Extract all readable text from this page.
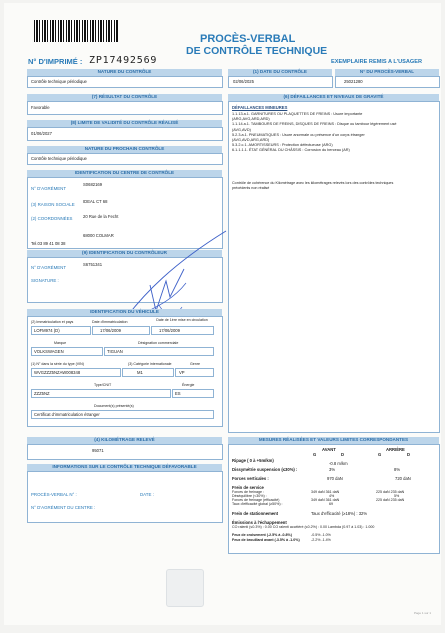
PROCÈS-VERBAL
DE CONTRÔLE TECHNIQUE
N° D'IMPRIMÉ : ZP17492569	EXEMPLAIRE REMIS A L'USAGER
NATURE DU CONTRÔLE
Contrôle technique périodique
(7) RÉSULTAT DU CONTRÔLE
Favorable
(8) LIMITE DE VALIDITÉ DU CONTRÔLE RÉALISÉ
01/06/2027
NATURE DU PROCHAIN CONTRÔLE
Contrôle technique périodique
IDENTIFICATION DU CENTRE DE CONTRÔLE
N° D'AGRÉMENT
S0682169
(3) RAISON SOCIALE
IDEAL CT 68
(2) COORDONNÉES	20 Rue de la Fecht
68000 COLMAR
Tel.03 89 41 08 38
(9) IDENTIFICATION DU CONTRÔLEUR
N° D'AGRÉMENT
S6751341
SIGNATURE :
IDENTIFICATION DU VÉHICULE
(2) Immatriculation et pays	Date d'immatriculation	Date de 1ère mise en circulation
LOFM974 (D)	17/06/2009	17/06/2009
Marque	Désignation commerciale
VOLKSWAGEN	TIGUAN
(1) N° dans la série du type (VIN)	(3) Catégorie internationale	Genre
WVGZZZ5NZAW008348	M1	VP
Type/CNIT	Énergie
ZZZ5NZ	ES
Document(s) présenté(s)
Certificat d'immatriculation étranger
(4) KILOMÉTRAGE RELEVÉ
95071
INFORMATIONS SUR LE CONTRÔLE TECHNIQUE DÉFAVORABLE
PROCÈS-VERBAL N° :	DATE :
N° D'AGRÉMENT DU CENTRE :
(1) DATE DU CONTRÔLE
02/06/2025
N° DU PROCÈS-VERBAL
25021280
(6) DÉFAILLANCES ET NIVEAUX DE GRAVITÉ
DÉFAILLANCES MINEURES
1.1.13.a.1. GARNITURES OU PLAQUETTES DE FREINS : Usure importante
(ARG,AVG,ARD,ARD)
1.1.14.a.1. TAMBOURS DE FREINS, DISQUES DE FREINS : Disque ou tambour légèrement usé
(AVG,AVD)
5.2.3.a.1. PNEUMATIQUES : Usure anormale ou présence d'un corps étranger
(AVG,AVD,ARG,ARD)
5.3.2.c.1. AMORTISSEURS : Protection défectueuse (ARG)
6.1.1.1.1. ÉTAT GÉNÉRAL DU CHÂSSIS : Corrosion du berceau (AR)
Contrôle de cohérence du Kilométrage avec les kilométrages relevés lors des contrôles techniques
précédents non réalisé
MESURES RÉALISÉES ET VALEURS LIMITES CORRESPONDANTES
AVANT	ARRIÈRE
G	D	G	D
Ripage ( 0 à +5m/km)
-0.8 m/km
Dissymétrie suspension (≤30%) :	3%	8%
Forces verticales :	970 daN	720 daN
Frein de service
Forces de freinage :	349 daN 361 daN	225 daN 235 daN
Déséquilibre (<30%) :	4%	5%
Forces de freinage (efficacité)	349 daN 361 daN	225 daN 235 daN
Taux d'efficacité global (≥50%) :	69
Frein de stationnement	Taux d'efficacité (≥18%) : 32%
Émissions à l'échappement
CO ralenti (≤0.3%) : 0.00 CO ralenti accéléré (≤0.2%) : 0.00 Lambda (0.97 à 1.03) : 1.000
Feux de croisement (-2.5% à -0.8%)	-0.5% -1.0%
Feux de brouillard avant (-3.5% à -1.0%)	-2.2% -1.4%
Page 1 sur 1
